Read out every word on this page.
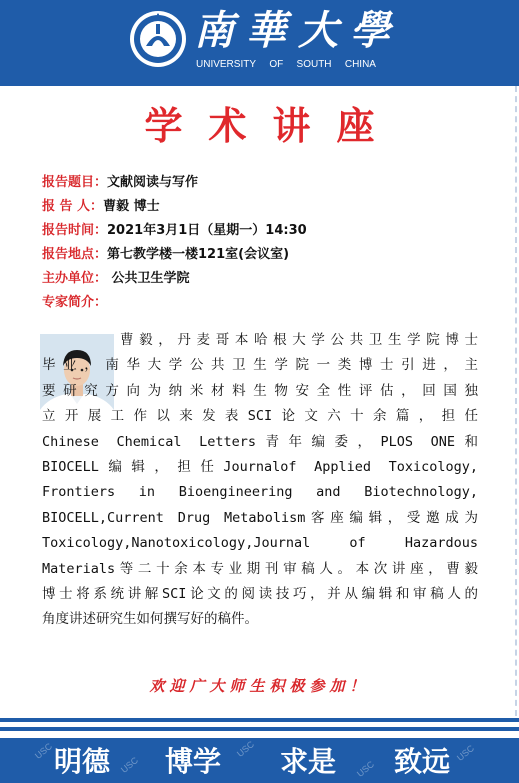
南華大學
UNIVERSITY OF SOUTH CHINA
学术讲座
报告题目：文献阅读与写作
报 告 人：曹毅 博士
报告时间：2021年3月1日（星期一）14:30
报告地点：第七教学楼一楼121室(会议室)
主办单位： 公共卫生学院
专家简介：
曹毅，丹麦哥本哈根大学公共卫生学院博士
毕业，南华大学公共卫生学院一类博士引进，主
要研究方向为纳米材料生物安全性评估，回国独
立开展工作以来发表SCI论文六十余篇，担任
Chinese Chemical Letters青年编委，PLOS ONE和
BIOCELL编辑，担任Journalof Applied Toxicology,
Frontiers in Bioengineering and Biotechnology,
BIOCELL,Current Drug Metabolism客座编辑，受邀成为
Toxicology,Nanotoxicology,Journal of Hazardous
Materials等二十余本专业期刊审稿人。本次讲座，曹毅
博士将系统讲解SCI论文的阅读技巧，并从编辑和审稿人的
角度讲述研究生如何撰写好的稿件。
欢迎广大师生积极参加！
USC
USC
USC
USC
USC
明德 博学 求是 致远
